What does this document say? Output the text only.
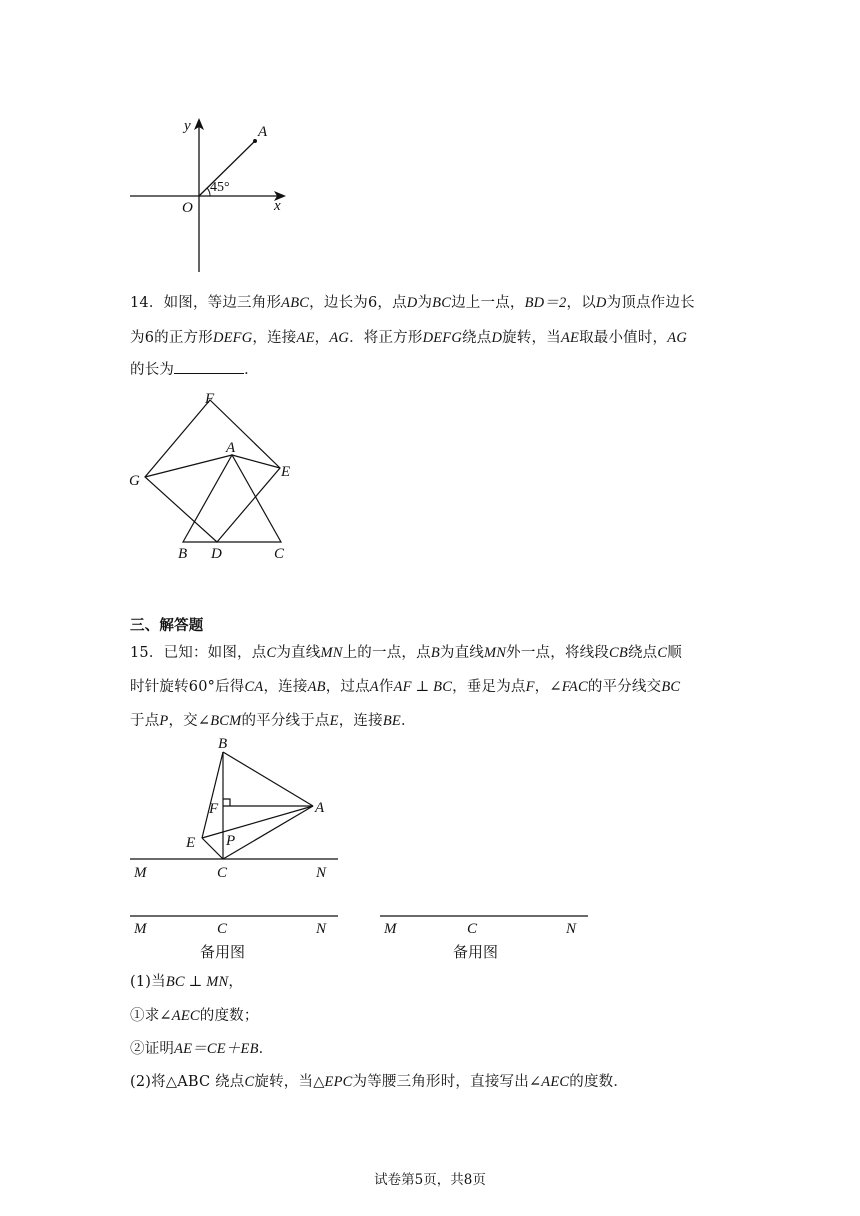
y	A
45°
O	x
14．如图，等边三角形ABC，边长为6，点D为BC边上一点，BD＝2，以D为顶点作边长
为6的正方形DEFG，连接AE，AG．将正方形DEFG绕点D旋转，当AE取最小值时，AG
的长为	．
F
A
E
G
B D	C
三、解答题
15．已知：如图，点C为直线MN上的一点，点B为直线MN外一点，将线段CB绕点C顺
时针旋转60°后得CA，连接AB，过点A作AF ⊥ BC，垂足为点F，∠FAC的平分线交BC
于点P，交∠BCM的平分线于点E，连接BE．
B
F	A
E P
M	C	N
M	C	N
备用图
M	C	N
备用图
(1)当BC ⊥ MN，
①求∠AEC的度数；
②证明AE＝CE＋EB．
(2)将△ABC 绕点C旋转，当△EPC为等腰三角形时，直接写出∠AEC的度数．
试卷第5页，共8页
